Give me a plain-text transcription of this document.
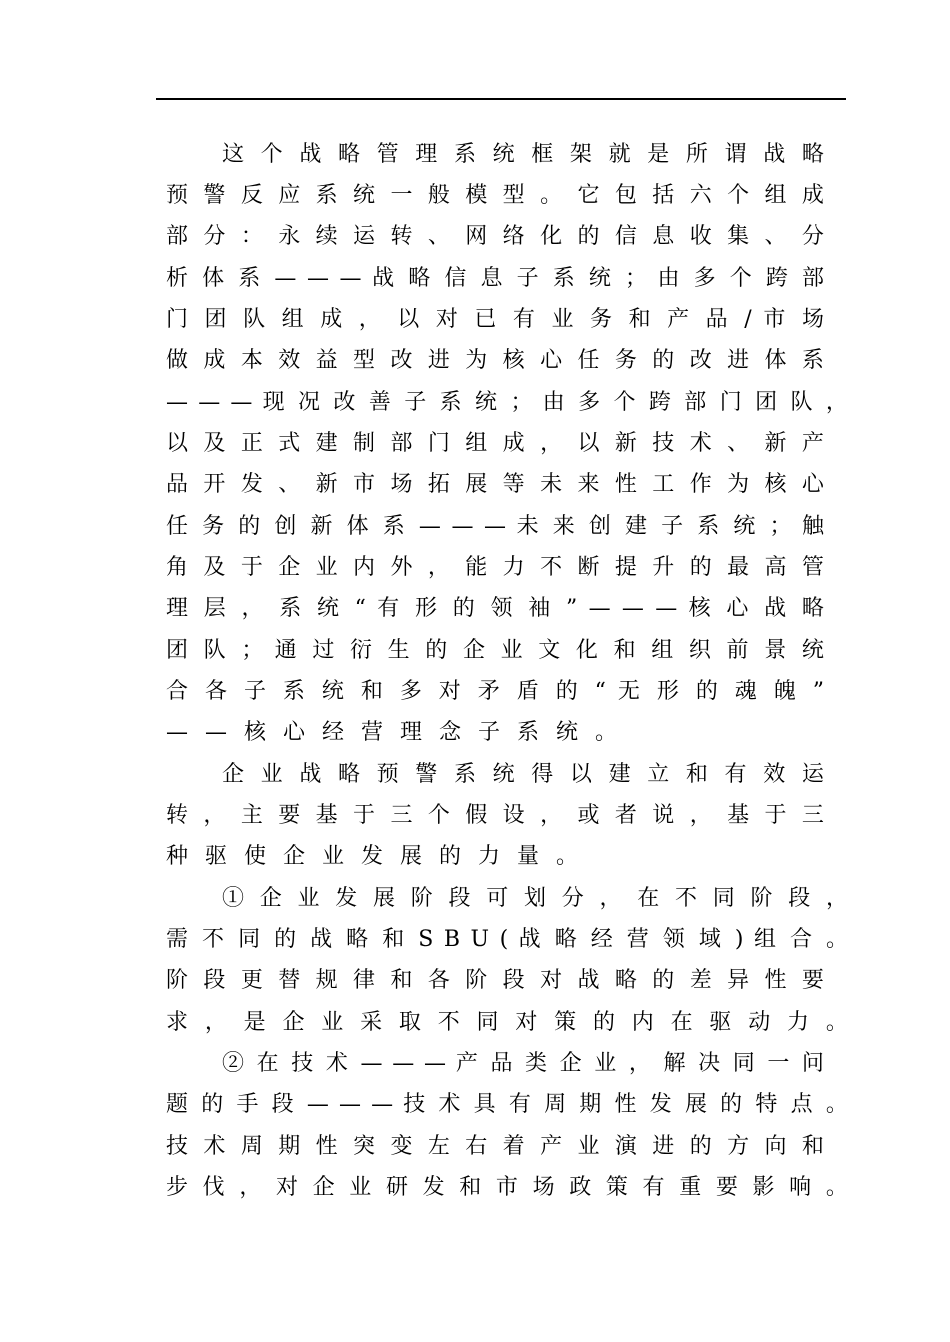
这 个 战 略 管 理 系 统 框 架 就 是 所 谓 战 略
预 警 反 应 系 统 一 般 模 型 。 它 包 括 六 个 组 成
部 分 ： 永 续 运 转 、 网 络 化 的 信 息 收 集 、 分
析 体 系 — — — 战 略 信 息 子 系 统 ； 由 多 个 跨 部
门 团 队 组 成 ， 以 对 已 有 业 务 和 产 品 / 市 场
做 成 本 效 益 型 改 进 为 核 心 任 务 的 改 进 体 系
— — — 现 况 改 善 子 系 统 ； 由 多 个 跨 部 门 团 队 ，
以 及 正 式 建 制 部 门 组 成 ， 以 新 技 术 、 新 产
品 开 发 、 新 市 场 拓 展 等 未 来 性 工 作 为 核 心
任 务 的 创 新 体 系 — — — 未 来 创 建 子 系 统 ； 触
角 及 于 企 业 内 外 ， 能 力 不 断 提 升 的 最 高 管
理 层 ， 系 统 “ 有 形 的 领 袖 ” — — — 核 心 战 略
团 队 ； 通 过 衍 生 的 企 业 文 化 和 组 织 前 景 统
合 各 子 系 统 和 多 对 矛 盾 的 “ 无 形 的 魂 魄 ”
——核心经营理念子系统。
企 业 战 略 预 警 系 统 得 以 建 立 和 有 效 运
转 ， 主 要 基 于 三 个 假 设 ， 或 者 说 ， 基 于 三
种驱使企业发展的力量。
① 企 业 发 展 阶 段 可 划 分 ， 在 不 同 阶 段 ，
需 不 同 的 战 略 和 S B U ( 战 略 经 营 领 域 ) 组 合 。
阶 段 更 替 规 律 和 各 阶 段 对 战 略 的 差 异 性 要
求 ， 是 企 业 采 取 不 同 对 策 的 内 在 驱 动 力 。
② 在 技 术 — — — 产 品 类 企 业 ， 解 决 同 一 问
题 的 手 段 — — — 技 术 具 有 周 期 性 发 展 的 特 点 。
技 术 周 期 性 突 变 左 右 着 产 业 演 进 的 方 向 和
步 伐 ， 对 企 业 研 发 和 市 场 政 策 有 重 要 影 响 。
